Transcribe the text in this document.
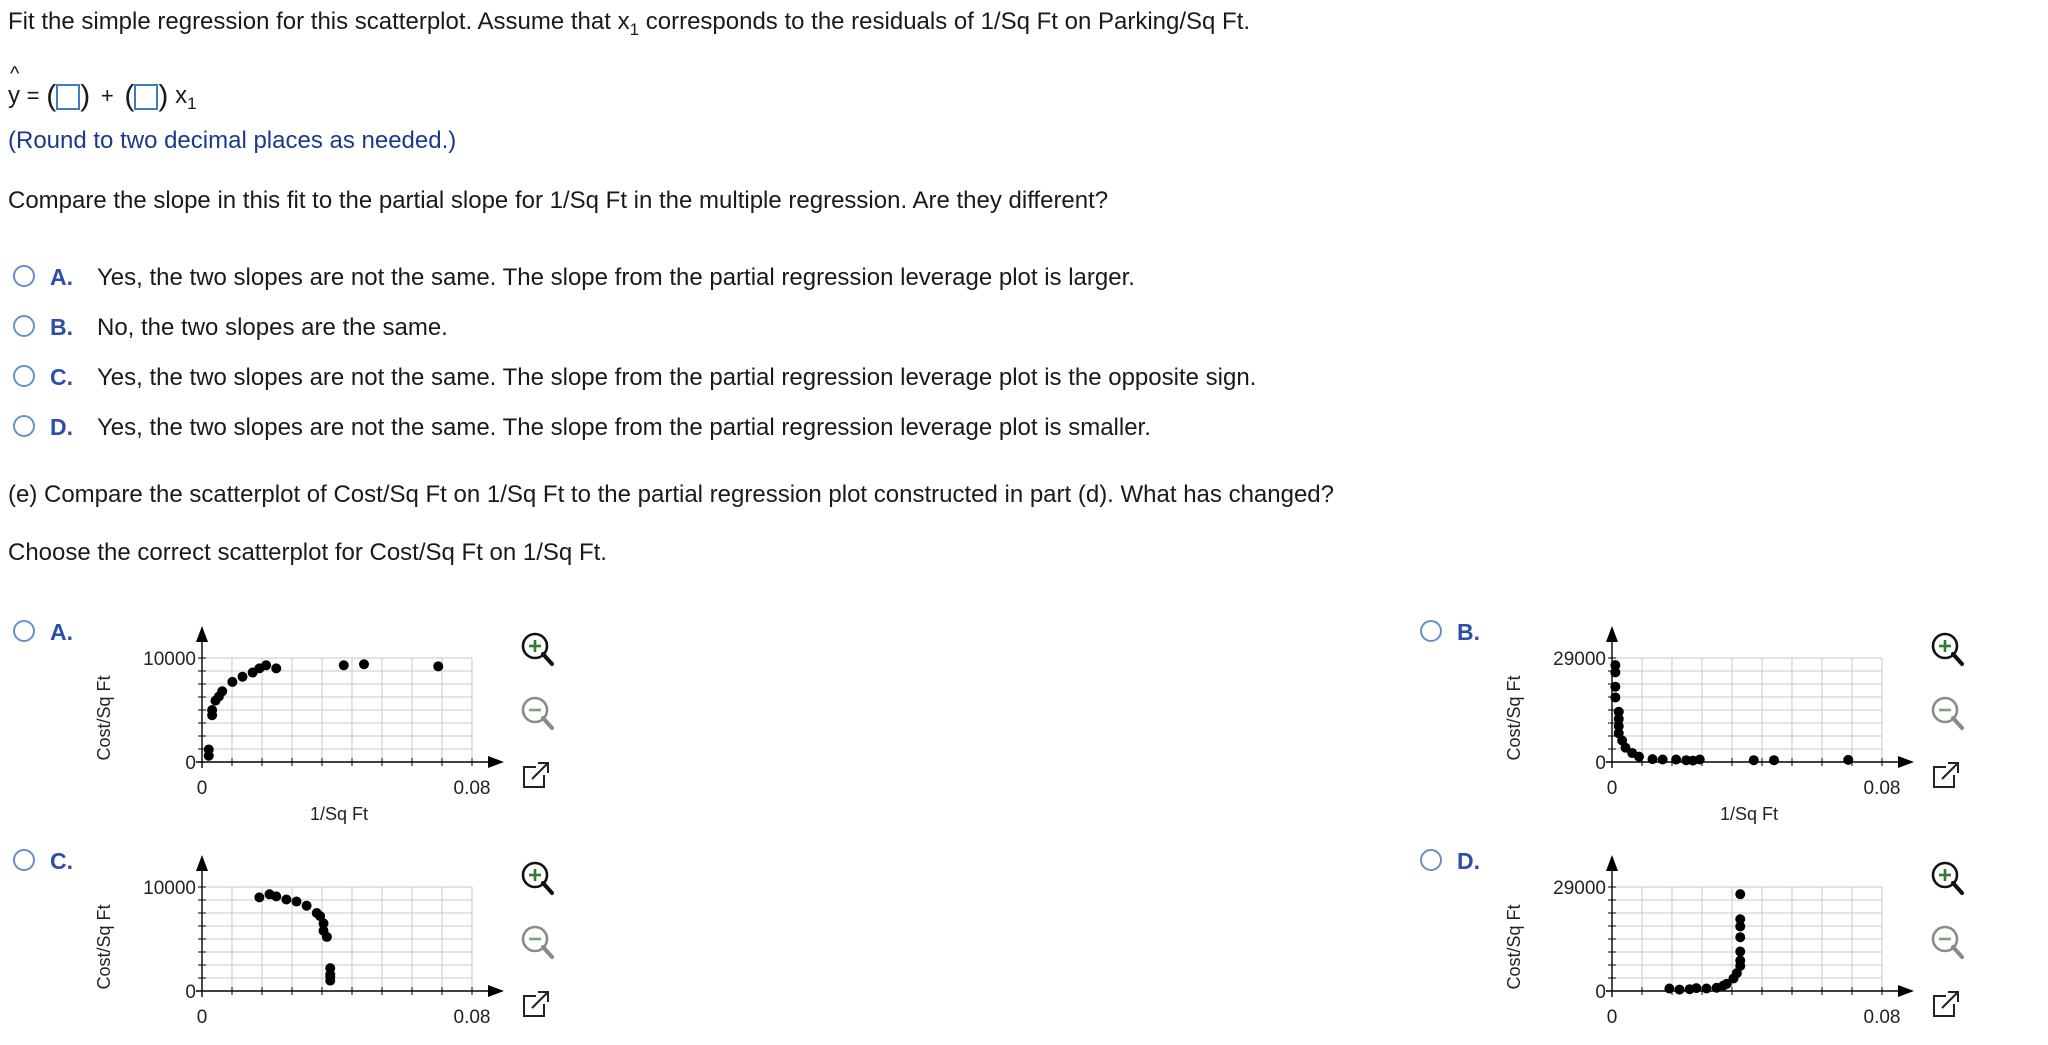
Fit the simple regression for this scatterplot. Assume that $x_1$ corresponds to the residuals of 1/Sq Ft on Parking/Sq Ft.
^
y = ( ) + ( ) $x_1$
(Round to two decimal places as needed.)
Compare the slope in this fit to the partial slope for 1/Sq Ft in the multiple regression. Are they different?
A. Yes, the two slopes are not the same. The slope from the partial regression leverage plot is larger.
B. No, the two slopes are the same.
C. Yes, the two slopes are not the same. The slope from the partial regression leverage plot is the opposite sign.
D. Yes, the two slopes are not the same. The slope from the partial regression leverage plot is smaller.
(e) Compare the scatterplot of Cost/Sq Ft on 1/Sq Ft to the partial regression plot constructed in part (d). What has changed?
Choose the correct scatterplot for Cost/Sq Ft on 1/Sq Ft.
A.	B.
C.	D.
10000
0
0	0.08
Cost/Sq Ft
1/Sq Ft
29000
0
0	0.08
Cost/Sq Ft
1/Sq Ft
10000
0
0	0.08
Cost/Sq Ft
29000
0
0	0.08
Cost/Sq Ft
